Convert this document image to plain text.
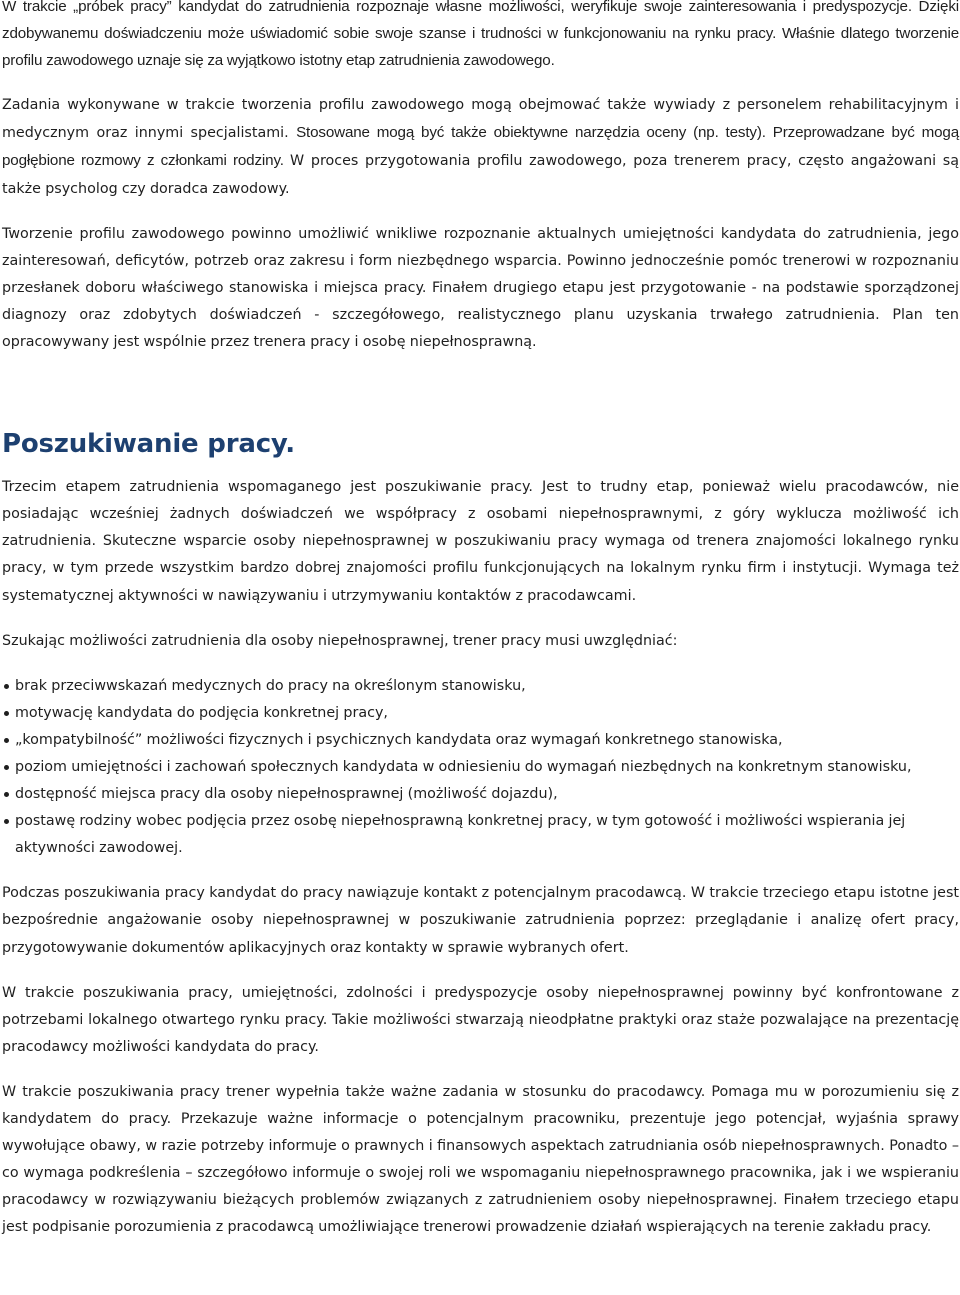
W trakcie „próbek pracy” kandydat do zatrudnienia rozpoznaje własne możliwości, weryfikuje swoje zainteresowania i predyspozycje. Dzięki zdobywanemu doświadczeniu może uświadomić sobie swoje szanse i trudności w funkcjonowaniu na rynku pracy. Właśnie dlatego tworzenie profilu zawodowego uznaje się za wyjątkowo istotny etap zatrudnienia zawodowego.

Zadania wykonywane w trakcie tworzenia profilu zawodowego mogą obejmować także wywiady z personelem rehabilitacyjnym i medycznym oraz innymi specjalistami. Stosowane mogą być także obiektywne narzędzia oceny (np. testy). Przeprowadzane być mogą pogłębione rozmowy z członkami rodziny. W proces przygotowania profilu zawodowego, poza trenerem pracy, często angażowani są także psycholog czy doradca zawodowy.

Tworzenie profilu zawodowego powinno umożliwić wnikliwe rozpoznanie aktualnych umiejętności kandydata do zatrudnienia, jego zainteresowań, deficytów, potrzeb oraz zakresu i form niezbędnego wsparcia. Powinno jednocześnie pomóc trenerowi w rozpoznaniu przesłanek doboru właściwego stanowiska i miejsca pracy. Finałem drugiego etapu jest przygotowanie - na podstawie sporządzonej diagnozy oraz zdobytych doświadczeń - szczegółowego, realistycznego planu uzyskania trwałego zatrudnienia. Plan ten opracowywany jest wspólnie przez trenera pracy i osobę niepełnosprawną.

Poszukiwanie pracy.

Trzecim etapem zatrudnienia wspomaganego jest poszukiwanie pracy. Jest to trudny etap, ponieważ wielu pracodawców, nie posiadając wcześniej żadnych doświadczeń we współpracy z osobami niepełnosprawnymi, z góry wyklucza możliwość ich zatrudnienia. Skuteczne wsparcie osoby niepełnosprawnej w poszukiwaniu pracy wymaga od trenera znajomości lokalnego rynku pracy, w tym przede wszystkim bardzo dobrej znajomości profilu funkcjonujących na lokalnym rynku firm i instytucji. Wymaga też systematycznej aktywności w nawiązywaniu i utrzymywaniu kontaktów z pracodawcami.

Szukając możliwości zatrudnienia dla osoby niepełnosprawnej, trener pracy musi uwzględniać:

brak przeciwwskazań medycznych do pracy na określonym stanowisku,
motywację kandydata do podjęcia konkretnej pracy,
„kompatybilność” możliwości fizycznych i psychicznych kandydata oraz wymagań konkretnego stanowiska,
poziom umiejętności i zachowań społecznych kandydata w odniesieniu do wymagań niezbędnych na konkretnym stanowisku,
dostępność miejsca pracy dla osoby niepełnosprawnej (możliwość dojazdu),
postawę rodziny wobec podjęcia przez osobę niepełnosprawną konkretnej pracy, w tym gotowość i możliwości wspierania jej aktywności zawodowej.

Podczas poszukiwania pracy kandydat do pracy nawiązuje kontakt z potencjalnym pracodawcą. W trakcie trzeciego etapu istotne jest bezpośrednie angażowanie osoby niepełnosprawnej w poszukiwanie zatrudnienia poprzez: przeglądanie i analizę ofert pracy, przygotowywanie dokumentów aplikacyjnych oraz kontakty w sprawie wybranych ofert.

W trakcie poszukiwania pracy, umiejętności, zdolności i predyspozycje osoby niepełnosprawnej powinny być konfrontowane z potrzebami lokalnego otwartego rynku pracy. Takie możliwości stwarzają nieodpłatne praktyki oraz staże pozwalające na prezentację pracodawcy możliwości kandydata do pracy.

W trakcie poszukiwania pracy trener wypełnia także ważne zadania w stosunku do pracodawcy. Pomaga mu w porozumieniu się z kandydatem do pracy. Przekazuje ważne informacje o potencjalnym pracowniku, prezentuje jego potencjał, wyjaśnia sprawy wywołujące obawy, w razie potrzeby informuje o prawnych i finansowych aspektach zatrudniania osób niepełnosprawnych. Ponadto – co wymaga podkreślenia – szczegółowo informuje o swojej roli we wspomaganiu niepełnosprawnego pracownika, jak i we wspieraniu pracodawcy w rozwiązywaniu bieżących problemów związanych z zatrudnieniem osoby niepełnosprawnej. Finałem trzeciego etapu jest podpisanie porozumienia z pracodawcą umożliwiające trenerowi prowadzenie działań wspierających na terenie zakładu pracy.
